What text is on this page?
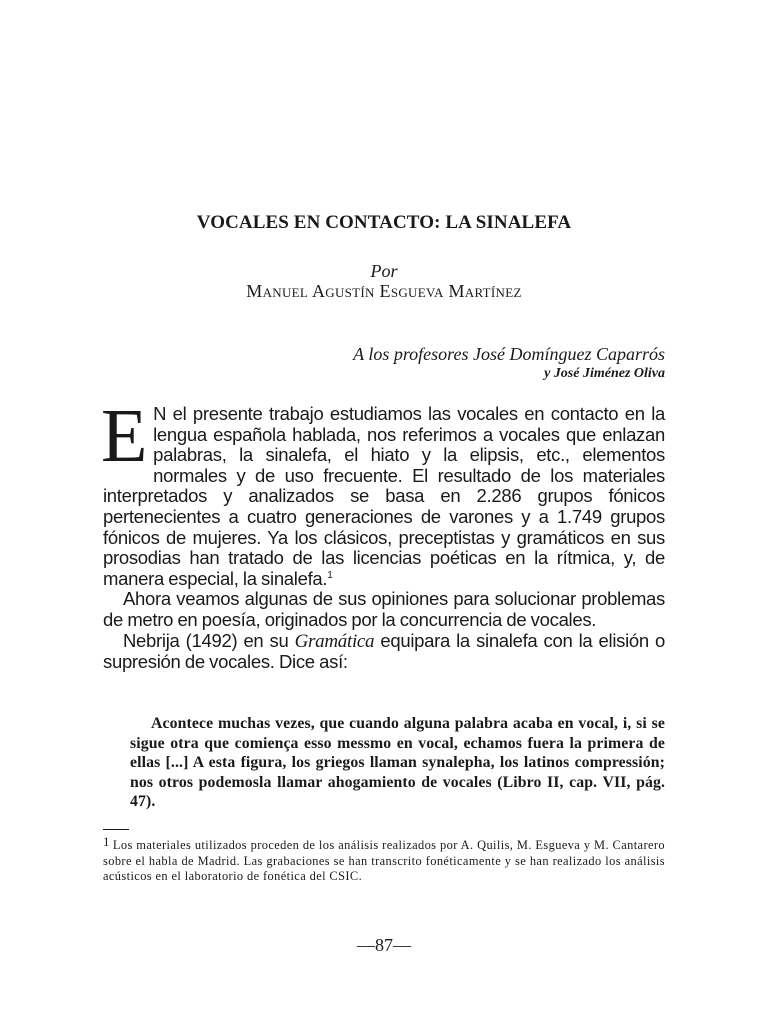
VOCALES EN CONTACTO: LA SINALEFA
Por
Manuel Agustín Esgueva Martínez
A los profesores José Domínguez Caparrós
y José Jiménez Oliva

E N el presente trabajo estudiamos las vocales en contacto en la lengua española hablada, nos referimos a vocales que enlazan palabras, la sinalefa, el hiato y la elipsis, etc., elementos normales y de uso frecuente. El resultado de los materiales interpretados y analizados se basa en 2.286 grupos fónicos pertenecientes a cuatro generaciones de varones y a 1.749 grupos fónicos de mujeres. Ya los clásicos, preceptistas y gramáticos en sus prosodias han tratado de las licencias poéticas en la rítmica, y, de manera especial, la sinalefa.$^1$

Ahora veamos algunas de sus opiniones para solucionar problemas de metro en poesía, originados por la concurrencia de vocales.

Nebrija (1492) en su Gramática equipara la sinalefa con la elisión o supresión de vocales. Dice así:

Acontece muchas vezes, que cuando alguna palabra acaba en vocal, i, si se sigue otra que comiença esso messmo en vocal, echamos fuera la primera de ellas [...] A esta figura, los griegos llaman synalepha, los latinos compressión; nos otros podemosla llamar ahogamiento de vocales (Libro II, cap. VII, pág. 47).

1 Los materiales utilizados proceden de los análisis realizados por A. Quilis, M. Esgueva y M. Cantarero sobre el habla de Madrid. Las grabaciones se han transcrito fonéticamente y se han realizado los análisis acústicos en el laboratorio de fonética del CSIC.

—87—
